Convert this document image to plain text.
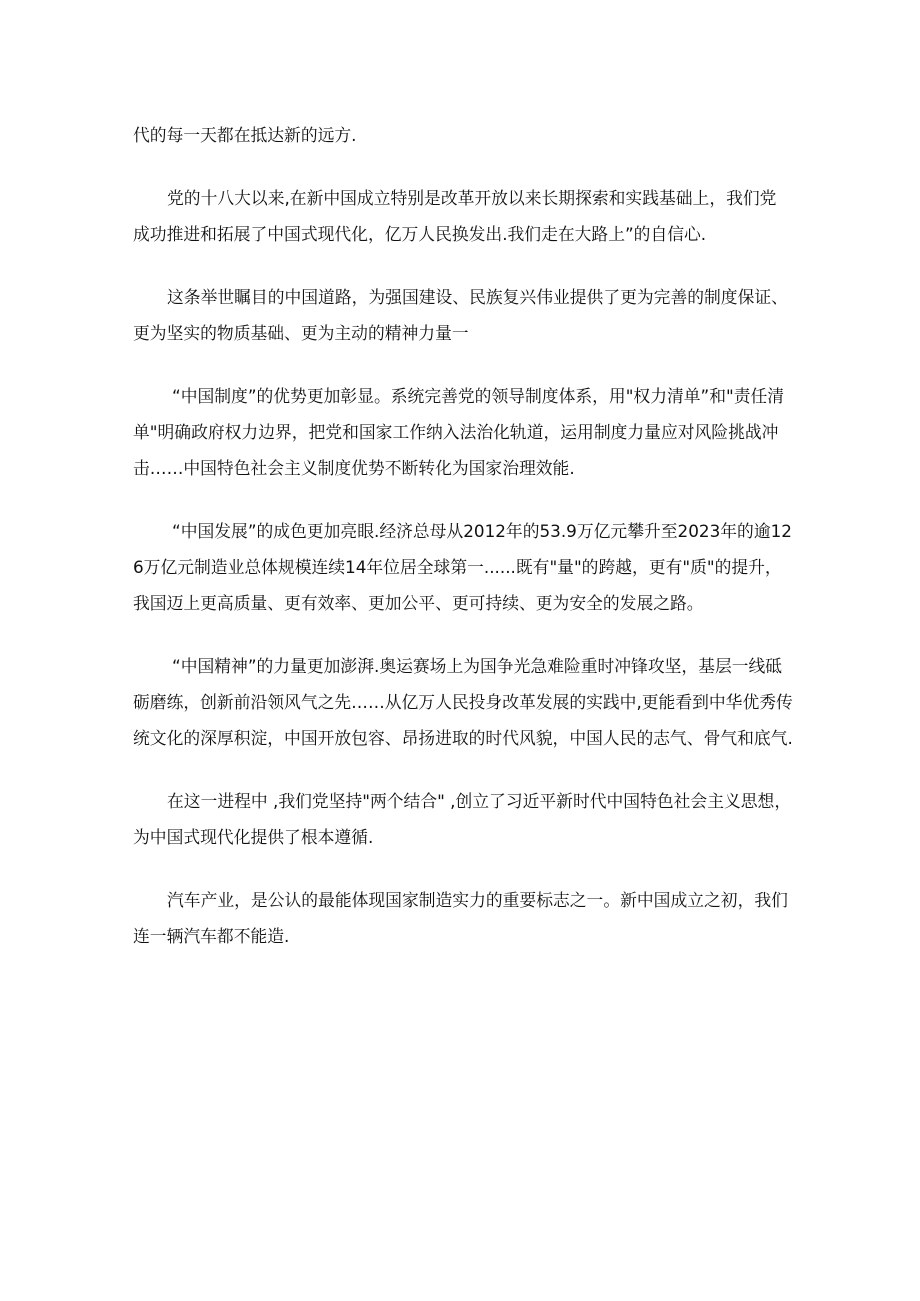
代的每一天都在抵达新的远方.

党的十八大以来,在新中国成立特别是改革开放以来长期探索和实践基础上，我们党成功推进和拓展了中国式现代化，亿万人民换发出.我们走在大路上”的自信心.

这条举世瞩目的中国道路，为强国建设、民族复兴伟业提供了更为完善的制度保证、更为坚实的物质基础、更为主动的精神力量一

“中国制度”的优势更加彰显。系统完善党的领导制度体系，用"权力清单”和"责任清单"明确政府权力边界，把党和国家工作纳入法治化轨道，运用制度力量应对风险挑战冲击……中国特色社会主义制度优势不断转化为国家治理效能.

“中国发展”的成色更加亮眼.经济总母从2012年的53.9万亿元攀升至2023年的逾126万亿元制造业总体规模连续14年位居全球第一......既有"量"的跨越，更有"质"的提升，我国迈上更高质量、更有效率、更加公平、更可持续、更为安全的发展之路。

“中国精神”的力量更加澎湃.奥运赛场上为国争光急难险重时冲锋攻坚，基层一线砥砺磨练，创新前沿领风气之先……从亿万人民投身改革发展的实践中,更能看到中华优秀传统文化的深厚积淀，中国开放包容、昂扬进取的时代风貌，中国人民的志气、骨气和底气.

在这一进程中 ,我们党坚持"两个结合" ,创立了习近平新时代中国特色社会主义思想，为中国式现代化提供了根本遵循.

汽车产业，是公认的最能体现国家制造实力的重要标志之一。新中国成立之初，我们连一辆汽车都不能造.
